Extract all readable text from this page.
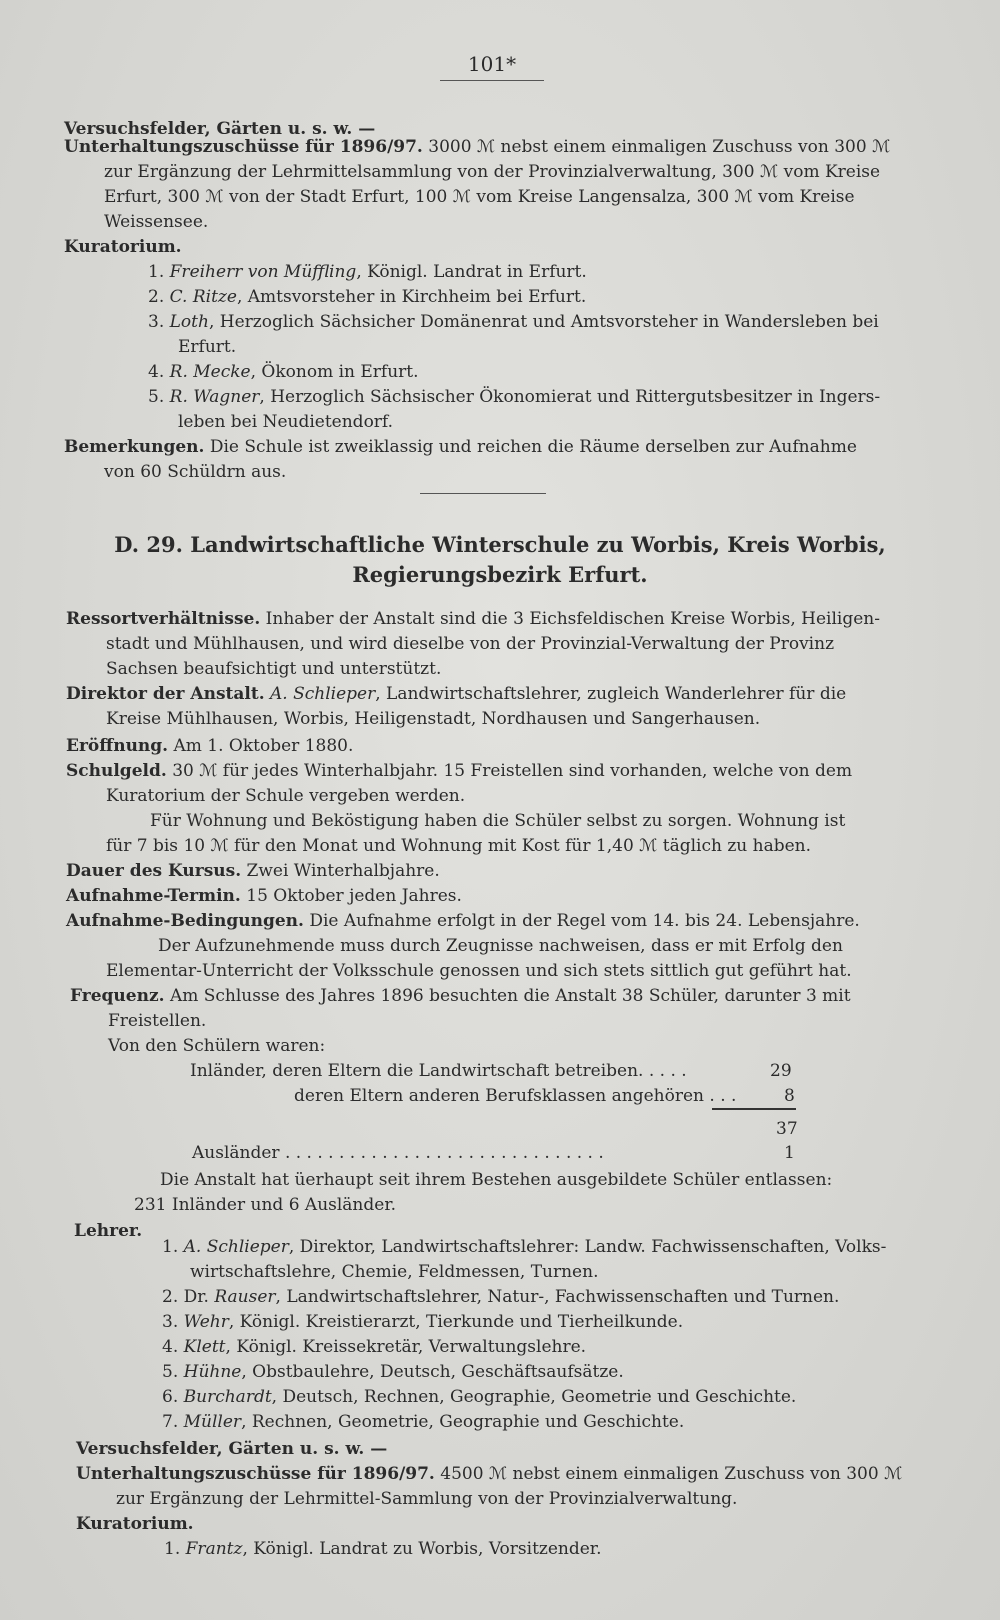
101*
Versuchsfelder, Gärten u. s. w. —
Unterhaltungszuschüsse für 1896/97. 3000 ℳ nebst einem einmaligen Zuschuss von 300 ℳ
zur Ergänzung der Lehrmittelsammlung von der Provinzialverwaltung, 300 ℳ vom Kreise
Erfurt, 300 ℳ von der Stadt Erfurt, 100 ℳ vom Kreise Langensalza, 300 ℳ vom Kreise
Weissensee.
Kuratorium.
1. Freiherr von Müffling, Königl. Landrat in Erfurt.
2. C. Ritze, Amtsvorsteher in Kirchheim bei Erfurt.
3. Loth, Herzoglich Sächsicher Domänenrat und Amtsvorsteher in Wandersleben bei
Erfurt.
4. R. Mecke, Ökonom in Erfurt.
5. R. Wagner, Herzoglich Sächsischer Ökonomierat und Rittergutsbesitzer in Ingers-
leben bei Neudietendorf.
Bemerkungen. Die Schule ist zweiklassig und reichen die Räume derselben zur Aufnahme
von 60 Schüldrn aus.
D. 29. Landwirtschaftliche Winterschule zu Worbis, Kreis Worbis,
Regierungsbezirk Erfurt.
Ressortverhältnisse. Inhaber der Anstalt sind die 3 Eichsfeldischen Kreise Worbis, Heiligen-
stadt und Mühlhausen, und wird dieselbe von der Provinzial-Verwaltung der Provinz
Sachsen beaufsichtigt und unterstützt.
Direktor der Anstalt. A. Schlieper, Landwirtschaftslehrer, zugleich Wanderlehrer für die
Kreise Mühlhausen, Worbis, Heiligenstadt, Nordhausen und Sangerhausen.
Eröffnung. Am 1. Oktober 1880.
Schulgeld. 30 ℳ für jedes Winterhalbjahr. 15 Freistellen sind vorhanden, welche von dem
Kuratorium der Schule vergeben werden.
Für Wohnung und Beköstigung haben die Schüler selbst zu sorgen. Wohnung ist
für 7 bis 10 ℳ für den Monat und Wohnung mit Kost für 1,40 ℳ täglich zu haben.
Dauer des Kursus. Zwei Winterhalbjahre.
Aufnahme-Termin. 15 Oktober jeden Jahres.
Aufnahme-Bedingungen. Die Aufnahme erfolgt in der Regel vom 14. bis 24. Lebensjahre.
Der Aufzunehmende muss durch Zeugnisse nachweisen, dass er mit Erfolg den
Elementar-Unterricht der Volksschule genossen und sich stets sittlich gut geführt hat.
Frequenz. Am Schlusse des Jahres 1896 besuchten die Anstalt 38 Schüler, darunter 3 mit
Freistellen.
Von den Schülern waren:
Inländer, deren Eltern die Landwirtschaft betreiben. . . . .	29
deren Eltern anderen Berufsklassen angehören . . .	8
37
Ausländer . . . . . . . . . . . . . . . . . . . . . . . . . . . . . .	1
Die Anstalt hat üerhaupt seit ihrem Bestehen ausgebildete Schüler entlassen:
231 Inländer und 6 Ausländer.
Lehrer.
1. A. Schlieper, Direktor, Landwirtschaftslehrer: Landw. Fachwissenschaften, Volks-
wirtschaftslehre, Chemie, Feldmessen, Turnen.
2. Dr. Rauser, Landwirtschaftslehrer, Natur-, Fachwissenschaften und Turnen.
3. Wehr, Königl. Kreistierarzt, Tierkunde und Tierheilkunde.
4. Klett, Königl. Kreissekretär, Verwaltungslehre.
5. Hühne, Obstbaulehre, Deutsch, Geschäftsaufsätze.
6. Burchardt, Deutsch, Rechnen, Geographie, Geometrie und Geschichte.
7. Müller, Rechnen, Geometrie, Geographie und Geschichte.
Versuchsfelder, Gärten u. s. w. —
Unterhaltungszuschüsse für 1896/97. 4500 ℳ nebst einem einmaligen Zuschuss von 300 ℳ
zur Ergänzung der Lehrmittel-Sammlung von der Provinzialverwaltung.
Kuratorium.
1. Frantz, Königl. Landrat zu Worbis, Vorsitzender.
